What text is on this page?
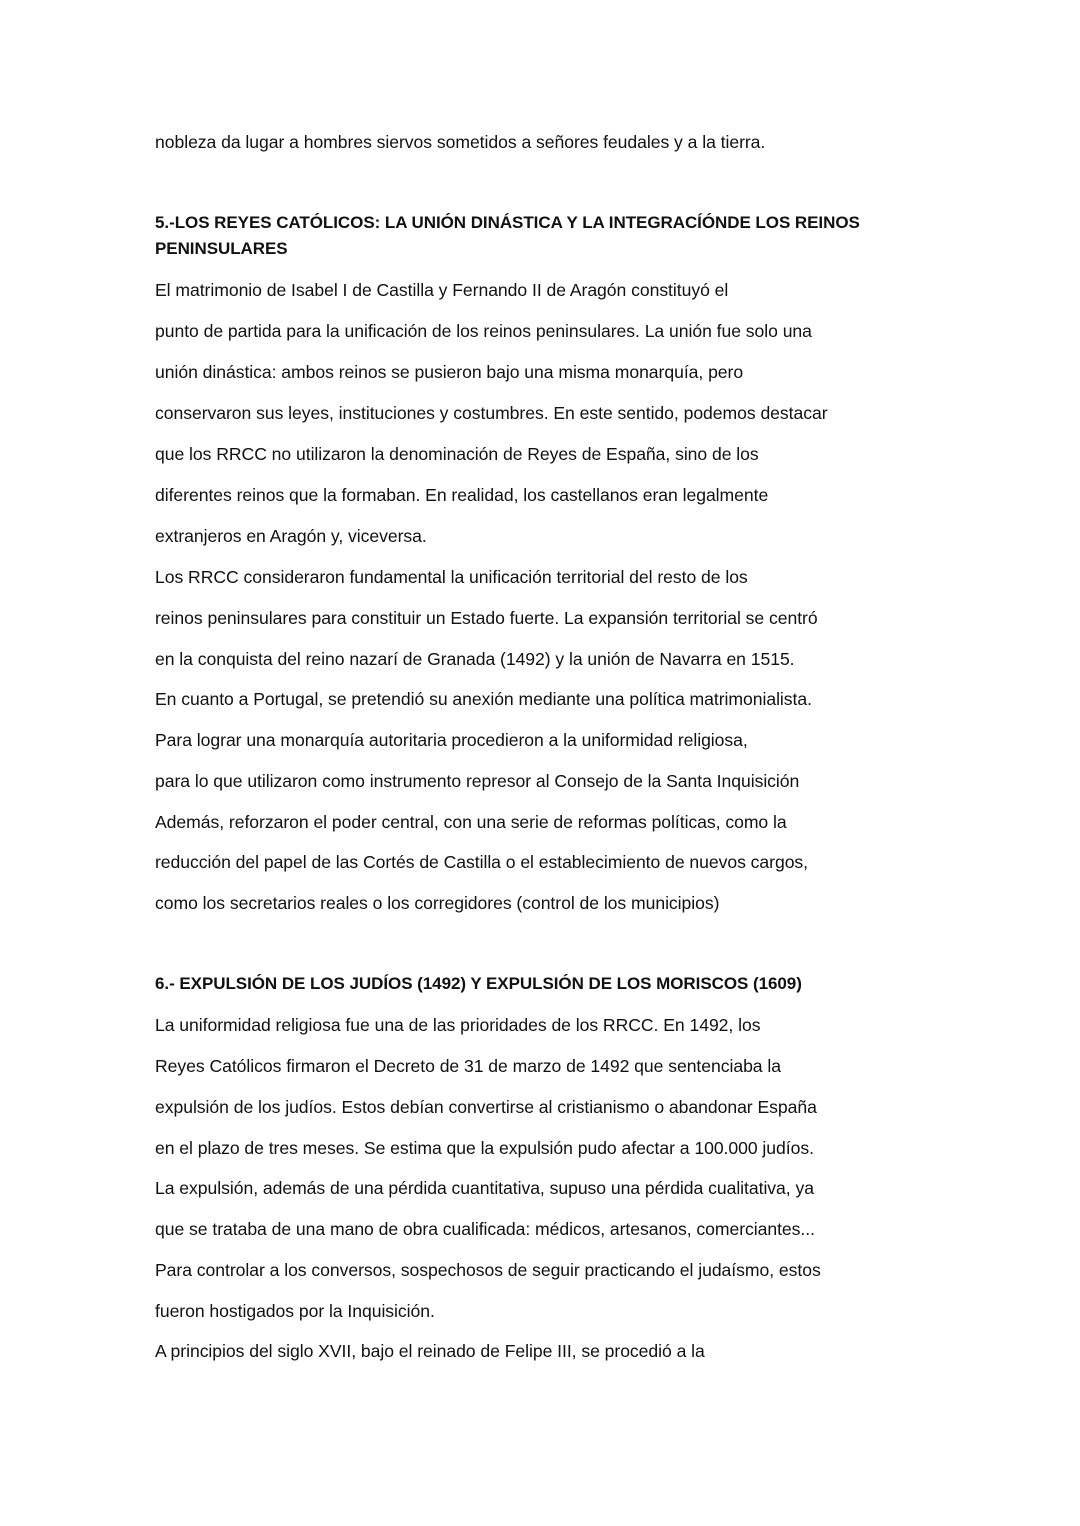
nobleza da lugar a hombres siervos sometidos a señores feudales y a la tierra.
5.-LOS REYES CATÓLICOS: LA UNIÓN DINÁSTICA Y LA INTEGRACÍÓNDE LOS REINOS
PENINSULARES
El matrimonio de Isabel I de Castilla y Fernando II de Aragón constituyó el
punto de partida para la unificación de los reinos peninsulares. La unión fue solo una
unión dinástica: ambos reinos se pusieron bajo una misma monarquía, pero
conservaron sus leyes, instituciones y costumbres. En este sentido, podemos destacar
que los RRCC no utilizaron la denominación de Reyes de España, sino de los
diferentes reinos que la formaban. En realidad, los castellanos eran legalmente
extranjeros en Aragón y, viceversa.
Los RRCC consideraron fundamental la unificación territorial del resto de los
reinos peninsulares para constituir un Estado fuerte. La expansión territorial se centró
en la conquista del reino nazarí de Granada (1492) y la unión de Navarra en 1515.
En cuanto a Portugal, se pretendió su anexión mediante una política matrimonialista.
Para lograr una monarquía autoritaria procedieron a la uniformidad religiosa,
para lo que utilizaron como instrumento represor al Consejo de la Santa Inquisición
Además, reforzaron el poder central, con una serie de reformas políticas, como la
reducción del papel de las Cortés de Castilla o el establecimiento de nuevos cargos,
como los secretarios reales o los corregidores (control de los municipios)
6.- EXPULSIÓN DE LOS JUDÍOS (1492) Y EXPULSIÓN DE LOS MORISCOS (1609)
La uniformidad religiosa fue una de las prioridades de los RRCC. En 1492, los
Reyes Católicos firmaron el Decreto de 31 de marzo de 1492 que sentenciaba la
expulsión de los judíos. Estos debían convertirse al cristianismo o abandonar España
en el plazo de tres meses. Se estima que la expulsión pudo afectar a 100.000 judíos.
La expulsión, además de una pérdida cuantitativa, supuso una pérdida cualitativa, ya
que se trataba de una mano de obra cualificada: médicos, artesanos, comerciantes...
Para controlar a los conversos, sospechosos de seguir practicando el judaísmo, estos
fueron hostigados por la Inquisición.
A principios del siglo XVII, bajo el reinado de Felipe III, se procedió a la
